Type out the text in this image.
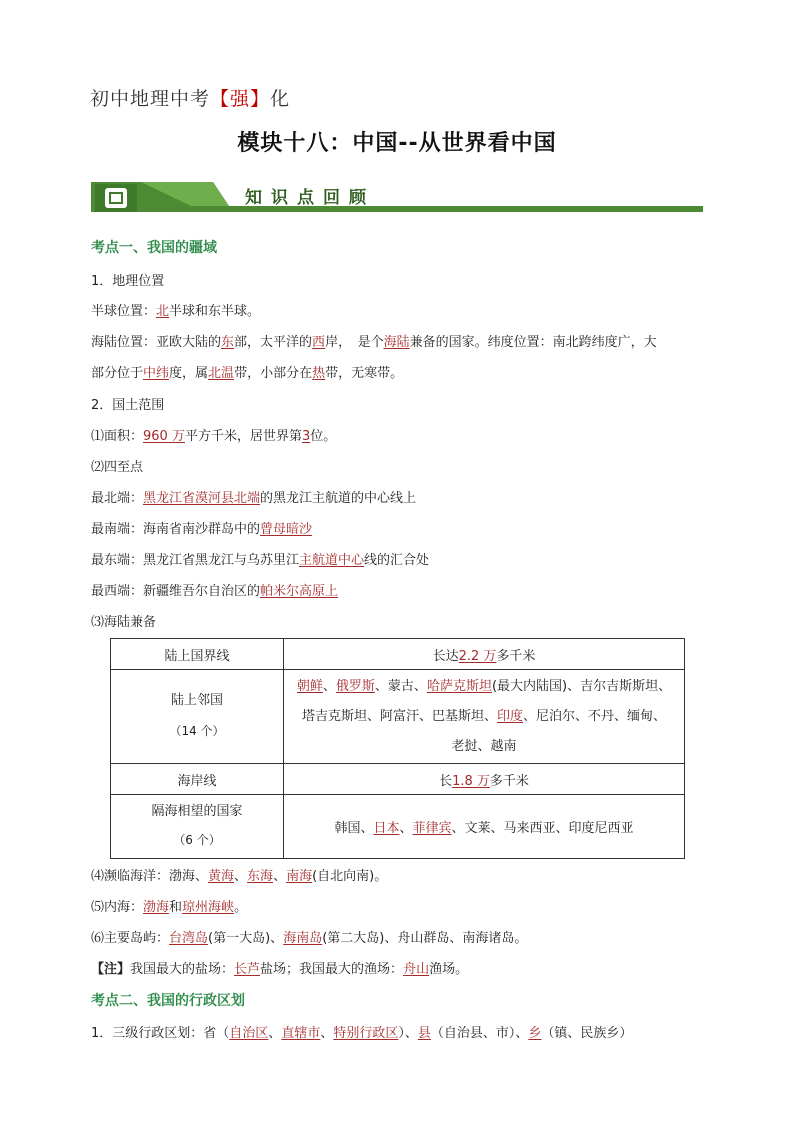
初中地理中考【强】化
模块十八：中国--从世界看中国
知识点回顾
考点一、我国的疆域
1．地理位置
半球位置：北半球和东半球。
海陆位置：亚欧大陆的东部，太平洋的西岸，　是个海陆兼备的国家。纬度位置：南北跨纬度广，大
部分位于中纬度，属北温带，小部分在热带，无寒带。
2．国土范围
⑴面积：960 万平方千米，居世界第3位。
⑵四至点
最北端：黑龙江省漠河县北端的黑龙江主航道的中心线上
最南端：海南省南沙群岛中的曾母暗沙
最东端：黑龙江省黑龙江与乌苏里江主航道中心线的汇合处
最西端：新疆维吾尔自治区的帕米尔高原上
⑶海陆兼备
陆上国界线	长达2.2 万多千米
陆上邻国
（14 个）	朝鲜、俄罗斯、蒙古、哈萨克斯坦(最大内陆国)、吉尔吉斯斯坦、
塔吉克斯坦、阿富汗、巴基斯坦、印度、尼泊尔、不丹、缅甸、
老挝、越南
海岸线	长1.8 万多千米
隔海相望的国家
（6 个）	韩国、日本、菲律宾、文莱、马来西亚、印度尼西亚
⑷濒临海洋：渤海、黄海、东海、南海(自北向南)。
⑸内海：渤海和琼州海峡。
⑹主要岛屿：台湾岛(第一大岛)、海南岛(第二大岛)、舟山群岛、南海诸岛。
【注】我国最大的盐场：长芦盐场；我国最大的渔场：舟山渔场。
考点二、我国的行政区划
1．三级行政区划：省（自治区、直辖市、特别行政区）、县（自治县、市）、乡（镇、民族乡）
